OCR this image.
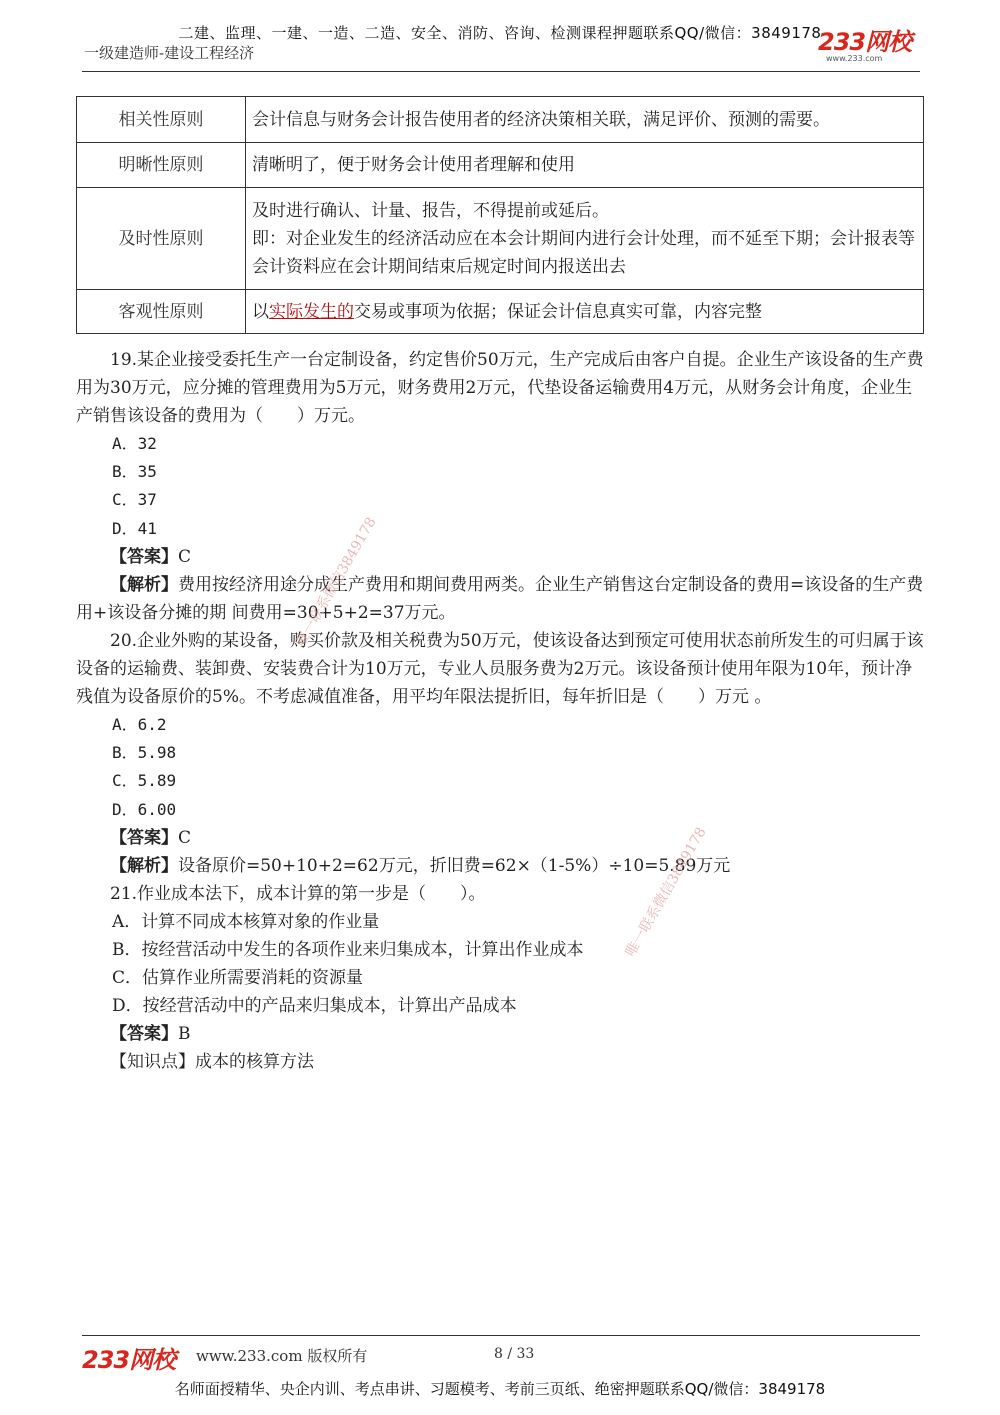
二建、监理、一建、一造、二造、安全、消防、咨询、检测课程押题联系QQ/微信：3849178
233网校
www.233.com
一级建造师-建设工程经济
相关性原则	会计信息与财务会计报告使用者的经济决策相关联，满足评价、预测的需要。
明晰性原则	清晰明了，便于财务会计使用者理解和使用
及时性原则	及时进行确认、计量、报告，不得提前或延后。
即：对企业发生的经济活动应在本会计期间内进行会计处理，而不延至下期；会计报表等会计资料应在会计期间结束后规定时间内报送出去

客观性原则	以实际发生的交易或事项为依据；保证会计信息真实可靠，内容完整

19.某企业接受委托生产一台定制设备，约定售价50万元，生产完成后由客户自提。企业生产该设备的生产费用为30万元，应分摊的管理费用为5万元，财务费用2万元，代垫设备运输费用4万元，从财务会计角度，企业生产销售该设备的费用为（　　）万元。

A．32

B．35

C．37

D．41

【答案】C

【解析】费用按经济用途分成生产费用和期间费用两类。企业生产销售这台定制设备的费用=该设备的生产费用+该设备分摊的期 间费用=30+5+2=37万元。

20.企业外购的某设备，购买价款及相关税费为50万元，使该设备达到预定可使用状态前所发生的可归属于该设备的运输费、装卸费、安装费合计为10万元，专业人员服务费为2万元。该设备预计使用年限为10年，预计净残值为设备原价的5%。不考虑减值准备，用平均年限法提折旧，每年折旧是（　　）万元 。

A．6.2

B．5.98

C．5.89

D．6.00

【答案】C

【解析】设备原价=50+10+2=62万元，折旧费=62×（1-5%）÷10=5.89万元

21.作业成本法下，成本计算的第一步是（　　）。

A．计算不同成本核算对象的作业量

B．按经营活动中发生的各项作业来归集成本，计算出作业成本

C．估算作业所需要消耗的资源量

D．按经营活动中的产品来归集成本，计算出产品成本

【答案】B

【知识点】成本的核算方法

唯一联系微信3849178
唯一联系微信3849178
233网校 www.233.com 版权所有	8 / 33
名师面授精华、央企内训、考点串讲、习题模考、考前三页纸、绝密押题联系QQ/微信：3849178
